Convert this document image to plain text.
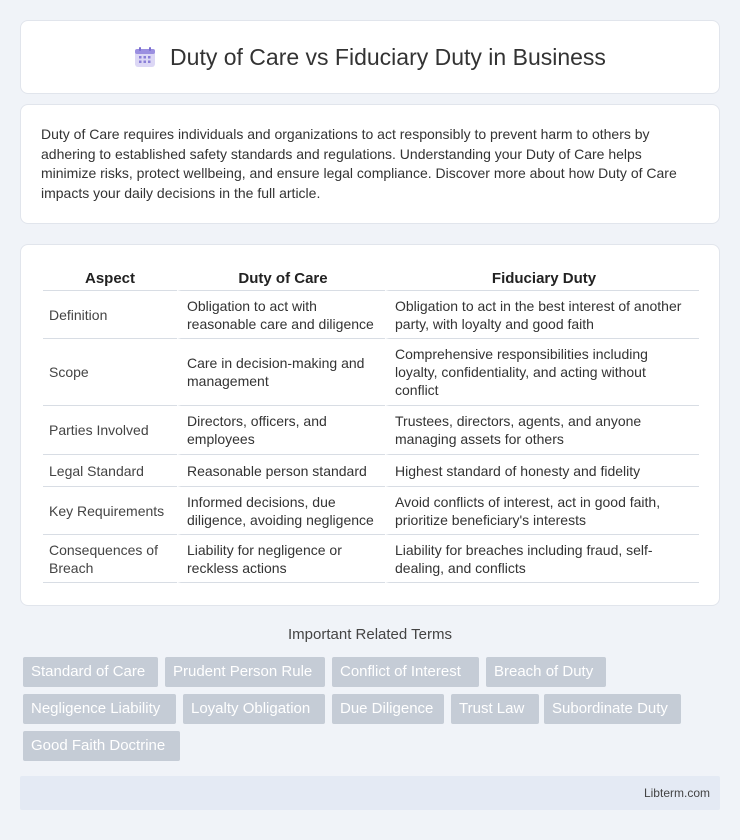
Duty of Care vs Fiduciary Duty in Business

Duty of Care requires individuals and organizations to act responsibly to prevent harm to others by adhering to established safety standards and regulations. Understanding your Duty of Care helps minimize risks, protect wellbeing, and ensure legal compliance. Discover more about how Duty of Care impacts your daily decisions in the full article.

Aspect	Duty of Care	Fiduciary Duty
Definition	Obligation to act with reasonable care and diligence	Obligation to act in the best interest of another party, with loyalty and good faith
Scope	Care in decision-making and management	Comprehensive responsibilities including loyalty, confidentiality, and acting without conflict
Parties Involved	Directors, officers, and employees	Trustees, directors, agents, and anyone managing assets for others
Legal Standard	Reasonable person standard	Highest standard of honesty and fidelity
Key Requirements	Informed decisions, due diligence, avoiding negligence	Avoid conflicts of interest, act in good faith, prioritize beneficiary's interests
Consequences of Breach	Liability for negligence or reckless actions	Liability for breaches including fraud, self-dealing, and conflicts
Important Related Terms
Standard of Care	Prudent Person Rule	Conflict of Interest	Breach of Duty
Negligence Liability	Loyalty Obligation	Due Diligence	Trust Law	Subordinate Duty
Good Faith Doctrine
Libterm.com
